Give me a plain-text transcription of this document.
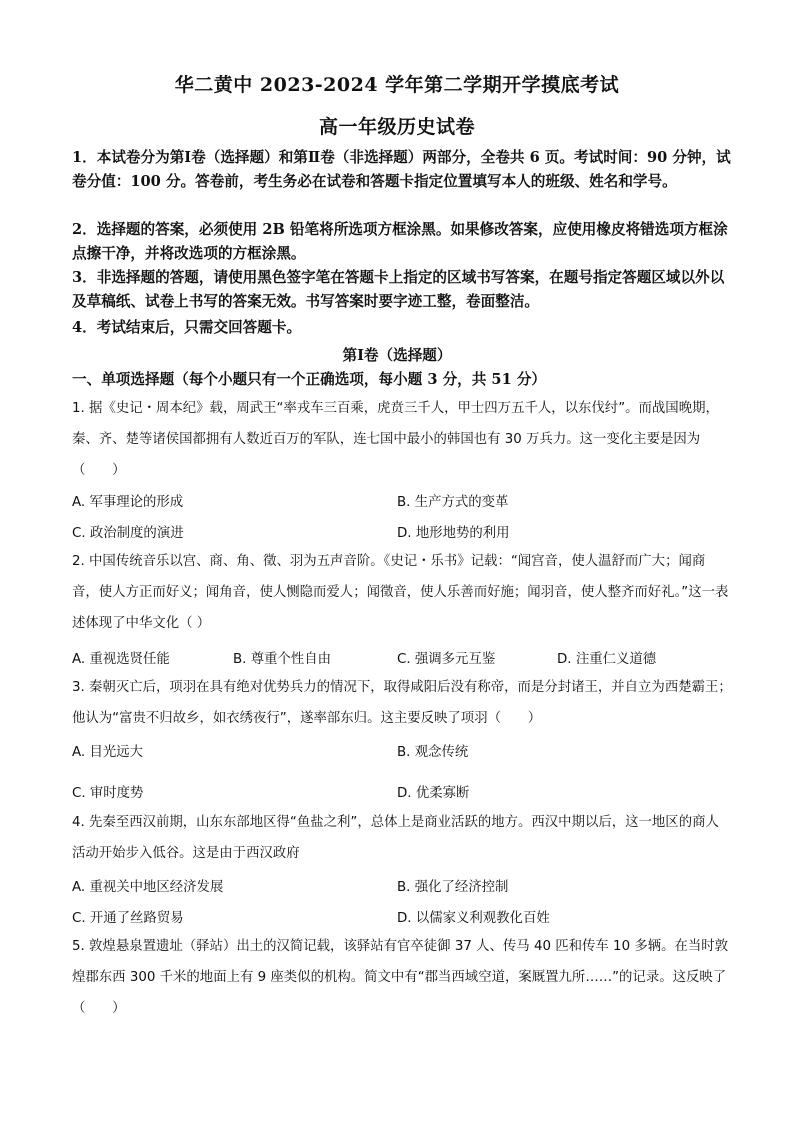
华二黄中 2023-2024 学年第二学期开学摸底考试
高一年级历史试卷

1．本试卷分为第Ⅰ卷（选择题）和第Ⅱ卷（非选择题）两部分，全卷共 6 页。考试时间：90 分钟，试卷分值：100 分。答卷前，考生务必在试卷和答题卡指定位置填写本人的班级、姓名和学号。

2．选择题的答案，必须使用 2B 铅笔将所选项方框涂黑。如果修改答案，应使用橡皮将错选项方框涂点擦干净，并将改选项的方框涂黑。

3．非选择题的答题，请使用黑色签字笔在答题卡上指定的区域书写答案，在题号指定答题区域以外以及草稿纸、试卷上书写的答案无效。书写答案时要字迹工整，卷面整洁。

4．考试结束后，只需交回答题卡。

第Ⅰ卷（选择题）
一、单项选择题（每个小题只有一个正确选项，每小题 3 分，共 51 分）

1. 据《史记・周本纪》载，周武王“率戎车三百乘，虎贲三千人，甲士四万五千人，以东伐纣”。而战国晚期，秦、齐、楚等诸侯国都拥有人数近百万的军队，连七国中最小的韩国也有 30 万兵力。这一变化主要是因为（　　）

A. 军事理论的形成	B. 生产方式的变革
C. 政治制度的演进	D. 地形地势的利用

2. 中国传统音乐以宫、商、角、徵、羽为五声音阶。《史记・乐书》记载：“闻宫音，使人温舒而广大；闻商音，使人方正而好义；闻角音，使人恻隐而爱人；闻徵音，使人乐善而好施；闻羽音，使人整齐而好礼。”这一表述体现了中华文化（ ）

A. 重视选贤任能	B. 尊重个性自由	C. 强调多元互鉴	D. 注重仁义道德

3. 秦朝灭亡后，项羽在具有绝对优势兵力的情况下，取得咸阳后没有称帝，而是分封诸王，并自立为西楚霸王；他认为“富贵不归故乡，如衣绣夜行”，遂率部东归。这主要反映了项羽（　　）

A. 目光远大	B. 观念传统
C. 审时度势	D. 优柔寡断

4. 先秦至西汉前期，山东东部地区得“鱼盐之利”，总体上是商业活跃的地方。西汉中期以后，这一地区的商人活动开始步入低谷。这是由于西汉政府

A. 重视关中地区经济发展	B. 强化了经济控制
C. 开通了丝路贸易	D. 以儒家义利观教化百姓

5. 敦煌悬泉置遗址（驿站）出土的汉简记载，该驿站有官卒徒御 37 人、传马 40 匹和传车 10 多辆。在当时敦煌郡东西 300 千米的地面上有 9 座类似的机构。简文中有“郡当西域空道，案厩置九所……”的记录。这反映了（　　）
